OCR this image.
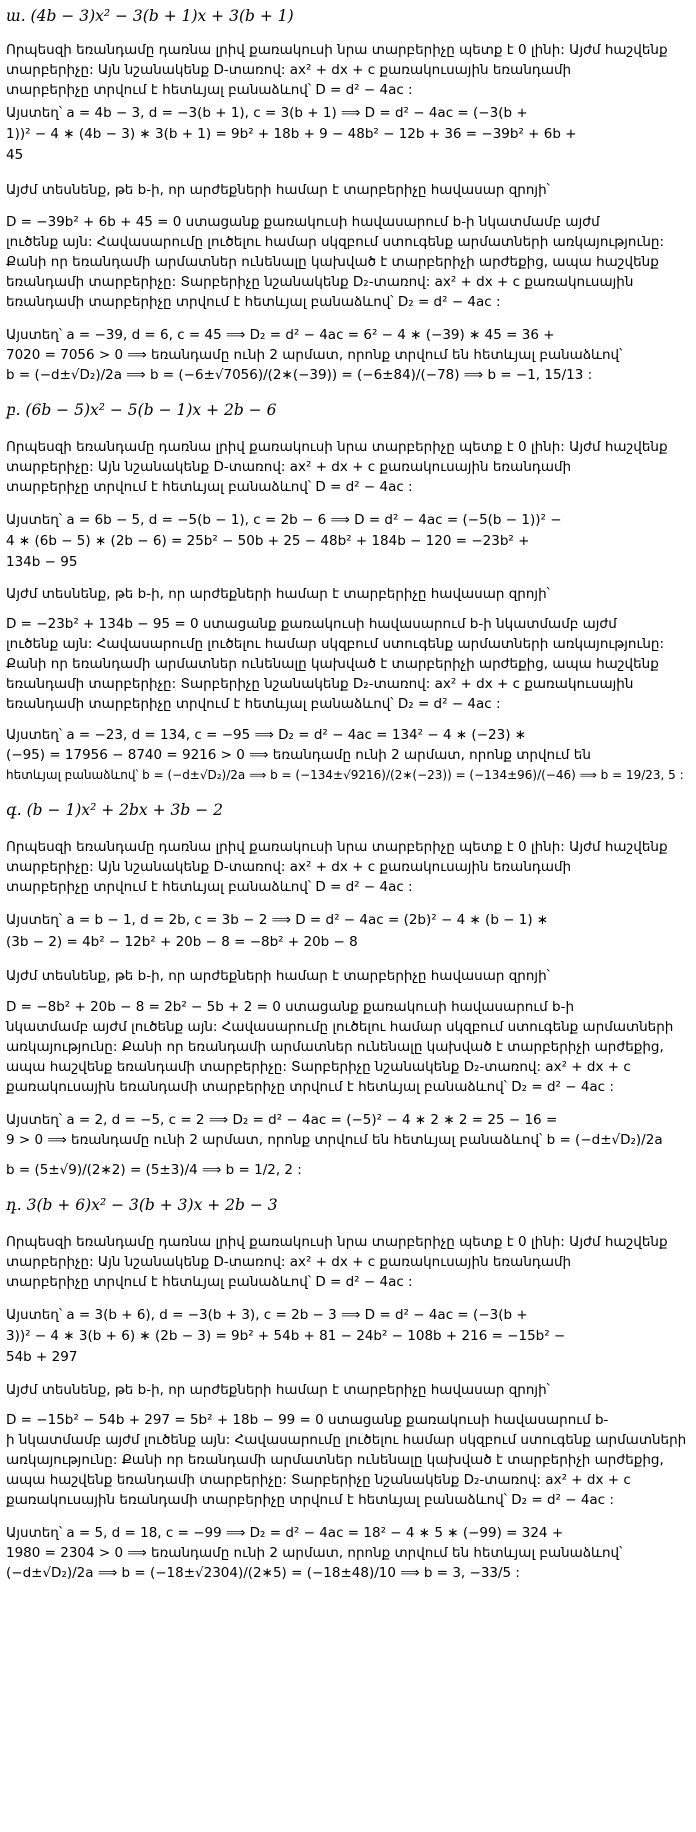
ա. (4b − 3)x² − 3(b + 1)x + 3(b + 1)
Որպեսզի եռանդամը դառնա լրիվ քառակուսի նրա տարբերիչը պետք է 0 լինի: Այժմ հաշվենք
տարբերիչը: Այն նշանակենք D-տառով: ax² + dx + c քառակուսային եռանդամի
տարբերիչը տրվում է հետևյալ բանաձևով՝ D = d² − 4ac :
Այստեղ՝ a = 4b − 3, d = −3(b + 1), c = 3(b + 1) ⟹ D = d² − 4ac = (−3(b +
1))² − 4 ∗ (4b − 3) ∗ 3(b + 1) = 9b² + 18b + 9 − 48b² − 12b + 36 = −39b² + 6b +
45
Այժմ տեսնենք, թե b-ի, որ արժեքների համար է տարբերիչը հավասար զրոյի՝
D = −39b² + 6b + 45 = 0 ստացանք քառակուսի հավասարում b-ի նկատմամբ այժմ
լուծենք այն: Հավասարումը լուծելու համար սկզբում ստուգենք արմատների առկայությունը:
Քանի որ եռանդամի արմատներ ունենալը կախված է տարբերիչի արժեքից, ապա հաշվենք
եռանդամի տարբերիչը: Տարբերիչը նշանակենք D₂-տառով: ax² + dx + c քառակուսային
եռանդամի տարբերիչը տրվում է հետևյալ բանաձևով՝ D₂ = d² − 4ac :
Այստեղ՝ a = −39, d = 6, c = 45 ⟹ D₂ = d² − 4ac = 6² − 4 ∗ (−39) ∗ 45 = 36 +
7020 = 7056 > 0 ⟹ եռանդամը ունի 2 արմատ, որոնք տրվում են հետևյալ բանաձևով՝
b = (−d±√D₂)/2a ⟹ b = (−6±√7056)/(2∗(−39)) = (−6±84)/(−78) ⟹ b = −1, 15/13 :
բ. (6b − 5)x² − 5(b − 1)x + 2b − 6
Որպեսզի եռանդամը դառնա լրիվ քառակուսի նրա տարբերիչը պետք է 0 լինի: Այժմ հաշվենք
տարբերիչը: Այն նշանակենք D-տառով: ax² + dx + c քառակուսային եռանդամի
տարբերիչը տրվում է հետևյալ բանաձևով՝ D = d² − 4ac :
Այստեղ՝ a = 6b − 5, d = −5(b − 1), c = 2b − 6 ⟹ D = d² − 4ac = (−5(b − 1))² −
4 ∗ (6b − 5) ∗ (2b − 6) = 25b² − 50b + 25 − 48b² + 184b − 120 = −23b² +
134b − 95
Այժմ տեսնենք, թե b-ի, որ արժեքների համար է տարբերիչը հավասար զրոյի՝
D = −23b² + 134b − 95 = 0 ստացանք քառակուսի հավասարում b-ի նկատմամբ այժմ
լուծենք այն: Հավասարումը լուծելու համար սկզբում ստուգենք արմատների առկայությունը:
Քանի որ եռանդամի արմատներ ունենալը կախված է տարբերիչի արժեքից, ապա հաշվենք
եռանդամի տարբերիչը: Տարբերիչը նշանակենք D₂-տառով: ax² + dx + c քառակուսային
եռանդամի տարբերիչը տրվում է հետևյալ բանաձևով՝ D₂ = d² − 4ac :
Այստեղ՝ a = −23, d = 134, c = −95 ⟹ D₂ = d² − 4ac = 134² − 4 ∗ (−23) ∗
(−95) = 17956 − 8740 = 9216 > 0 ⟹ եռանդամը ունի 2 արմատ, որոնք տրվում են
հետևյալ բանաձևով՝ b = (−d±√D₂)/2a ⟹ b = (−134±√9216)/(2∗(−23)) = (−134±96)/(−46) ⟹ b = 19/23, 5 :
գ. (b − 1)x² + 2bx + 3b − 2
Որպեսզի եռանդամը դառնա լրիվ քառակուսի նրա տարբերիչը պետք է 0 լինի: Այժմ հաշվենք
տարբերիչը: Այն նշանակենք D-տառով: ax² + dx + c քառակուսային եռանդամի
տարբերիչը տրվում է հետևյալ բանաձևով՝ D = d² − 4ac :
Այստեղ՝ a = b − 1, d = 2b, c = 3b − 2 ⟹ D = d² − 4ac = (2b)² − 4 ∗ (b − 1) ∗
(3b − 2) = 4b² − 12b² + 20b − 8 = −8b² + 20b − 8
Այժմ տեսնենք, թե b-ի, որ արժեքների համար է տարբերիչը հավասար զրոյի՝
D = −8b² + 20b − 8 = 2b² − 5b + 2 = 0 ստացանք քառակուսի հավասարում b-ի
նկատմամբ այժմ լուծենք այն: Հավասարումը լուծելու համար սկզբում ստուգենք արմատների
առկայությունը: Քանի որ եռանդամի արմատներ ունենալը կախված է տարբերիչի արժեքից,
ապա հաշվենք եռանդամի տարբերիչը: Տարբերիչը նշանակենք D₂-տառով: ax² + dx + c
քառակուսային եռանդամի տարբերիչը տրվում է հետևյալ բանաձևով՝ D₂ = d² − 4ac :
Այստեղ՝ a = 2, d = −5, c = 2 ⟹ D₂ = d² − 4ac = (−5)² − 4 ∗ 2 ∗ 2 = 25 − 16 =
9 > 0 ⟹ եռանդամը ունի 2 արմատ, որոնք տրվում են հետևյալ բանաձևով՝ b = (−d±√D₂)/2a
b = (5±√9)/(2∗2) = (5±3)/4 ⟹ b = 1/2, 2 :
դ. 3(b + 6)x² − 3(b + 3)x + 2b − 3
Որպեսզի եռանդամը դառնա լրիվ քառակուսի նրա տարբերիչը պետք է 0 լինի: Այժմ հաշվենք
տարբերիչը: Այն նշանակենք D-տառով: ax² + dx + c քառակուսային եռանդամի
տարբերիչը տրվում է հետևյալ բանաձևով՝ D = d² − 4ac :
Այստեղ՝ a = 3(b + 6), d = −3(b + 3), c = 2b − 3 ⟹ D = d² − 4ac = (−3(b +
3))² − 4 ∗ 3(b + 6) ∗ (2b − 3) = 9b² + 54b + 81 − 24b² − 108b + 216 = −15b² −
54b + 297
Այժմ տեսնենք, թե b-ի, որ արժեքների համար է տարբերիչը հավասար զրոյի՝
D = −15b² − 54b + 297 = 5b² + 18b − 99 = 0 ստացանք քառակուսի հավասարում b-
ի նկատմամբ այժմ լուծենք այն: Հավասարումը լուծելու համար սկզբում ստուգենք արմատների
առկայությունը: Քանի որ եռանդամի արմատներ ունենալը կախված է տարբերիչի արժեքից,
ապա հաշվենք եռանդամի տարբերիչը: Տարբերիչը նշանակենք D₂-տառով: ax² + dx + c
քառակուսային եռանդամի տարբերիչը տրվում է հետևյալ բանաձևով՝ D₂ = d² − 4ac :
Այստեղ՝ a = 5, d = 18, c = −99 ⟹ D₂ = d² − 4ac = 18² − 4 ∗ 5 ∗ (−99) = 324 +
1980 = 2304 > 0 ⟹ եռանդամը ունի 2 արմատ, որոնք տրվում են հետևյալ բանաձևով՝
(−d±√D₂)/2a ⟹ b = (−18±√2304)/(2∗5) = (−18±48)/10 ⟹ b = 3, −33/5 :
